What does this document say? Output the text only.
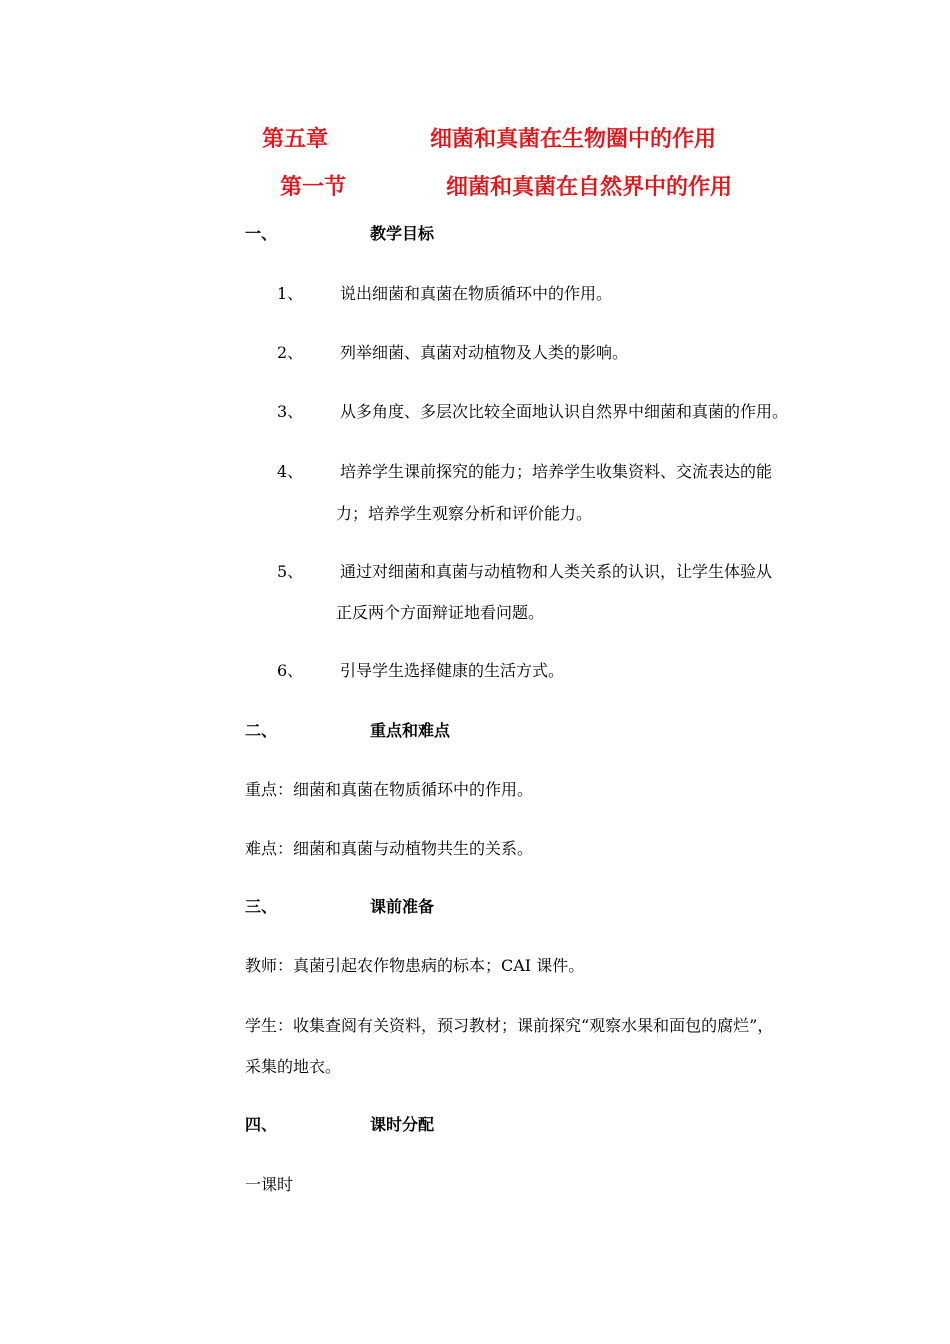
第五章	细菌和真菌在生物圈中的作用
第一节	细菌和真菌在自然界中的作用
一、	教学目标
1、 说出细菌和真菌在物质循环中的作用。
2、 列举细菌、真菌对动植物及人类的影响。
3、 从多角度、多层次比较全面地认识自然界中细菌和真菌的作用。
4、 培养学生课前探究的能力；培养学生收集资料、交流表达的能
力；培养学生观察分析和评价能力。
5、 通过对细菌和真菌与动植物和人类关系的认识，让学生体验从
正反两个方面辩证地看问题。
6、 引导学生选择健康的生活方式。
二、	重点和难点
重点：细菌和真菌在物质循环中的作用。
难点：细菌和真菌与动植物共生的关系。
三、	课前准备
教师：真菌引起农作物患病的标本；CAI 课件。
学生：收集查阅有关资料，预习教材；课前探究“观察水果和面包的腐烂”，
采集的地衣。
四、	课时分配
一课时
